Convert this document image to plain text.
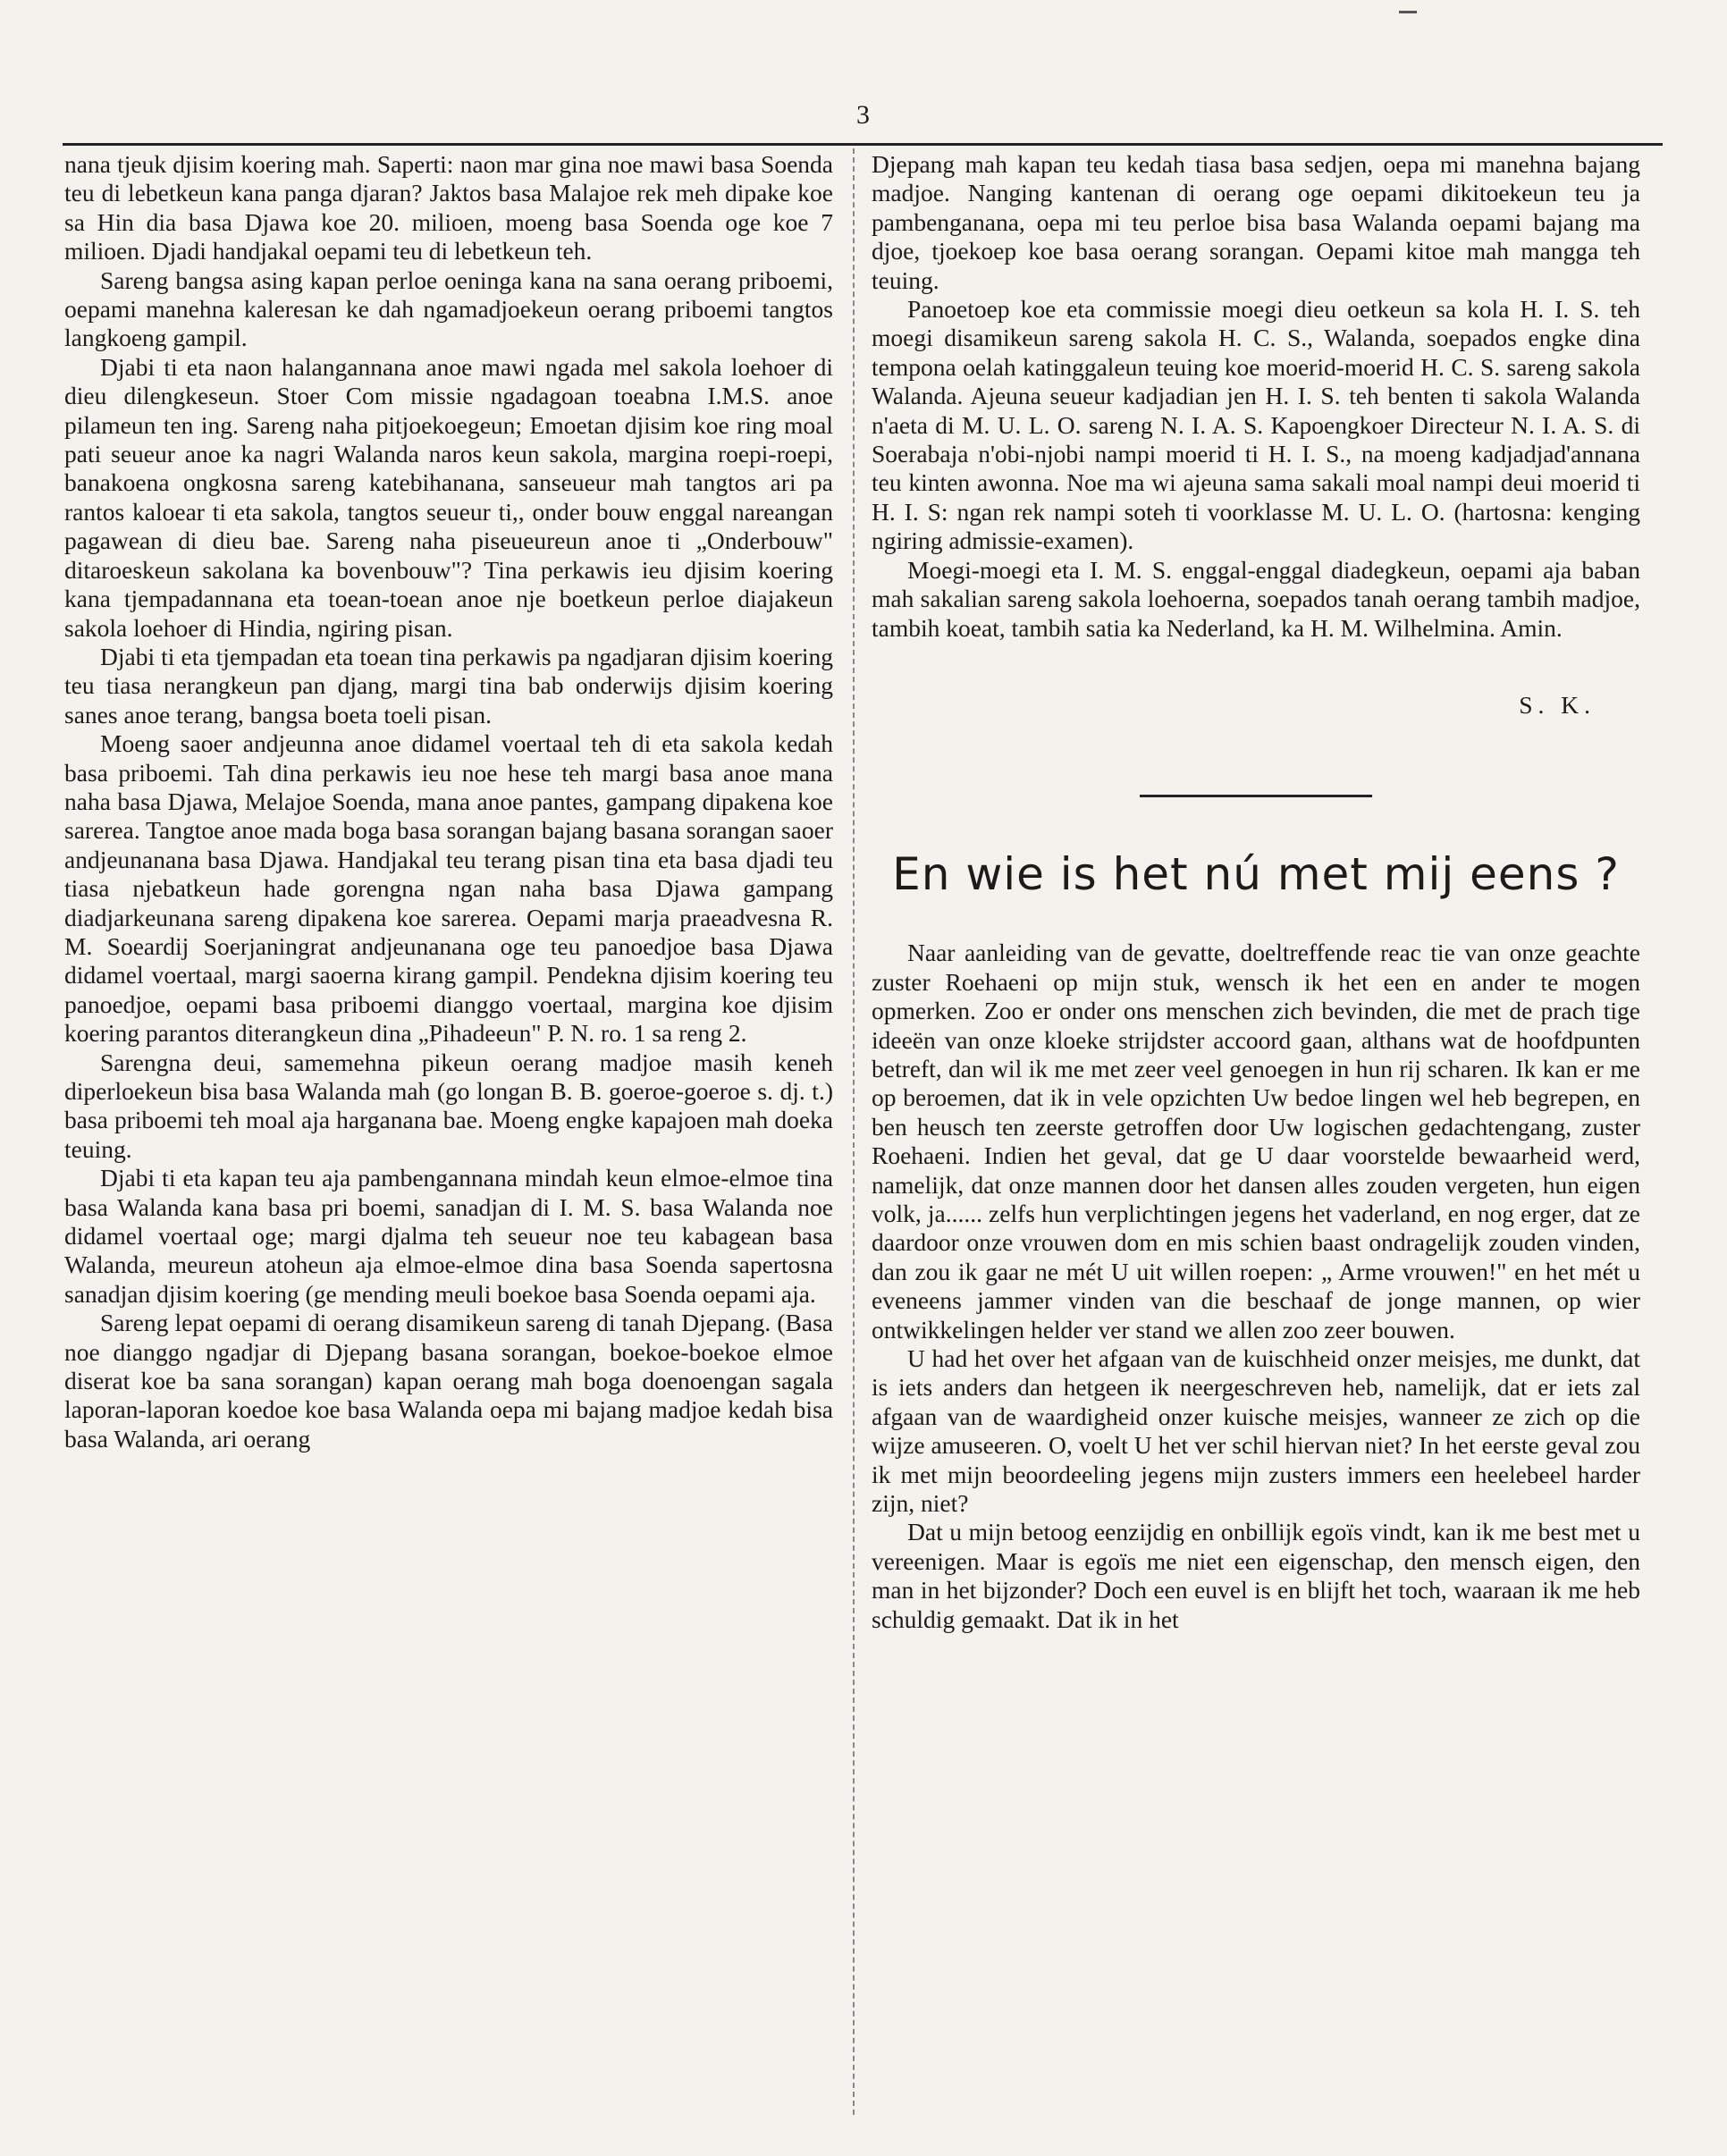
3

nana tjeuk djisim koering mah. Saperti: naon mar gina noe mawi basa Soenda teu di lebetkeun kana panga djaran? Jaktos basa Malajoe rek meh dipake koe sa Hin dia basa Djawa koe 20. milioen, moeng basa Soenda oge koe 7 milioen. Djadi handjakal oepami teu di lebetkeun teh.

Sareng bangsa asing kapan perloe oeninga kana na sana oerang priboemi, oepami manehna kaleresan ke dah ngamadjoekeun oerang priboemi tangtos langkoeng gampil.

Djabi ti eta naon halangannana anoe mawi ngada mel sakola loehoer di dieu dilengkeseun. Stoer Com missie ngadagoan toeabna I.M.S. anoe pilameun ten ing. Sareng naha pitjoekoegeun; Emoetan djisim koe ring moal pati seueur anoe ka nagri Walanda naros keun sakola, margina roepi-roepi, banakoena ongkosna sareng katebihanana, sanseueur mah tangtos ari pa rantos kaloear ti eta sakola, tangtos seueur ti,, onder bouw enggal nareangan pagawean di dieu bae. Sareng naha piseueureun anoe ti „Onderbouw" ditaroeskeun sakolana ka bovenbouw"? Tina perkawis ieu djisim koering kana tjempadannana eta toean-toean anoe nje boetkeun perloe diajakeun sakola loehoer di Hindia, ngiring pisan.

Djabi ti eta tjempadan eta toean tina perkawis pa ngadjaran djisim koering teu tiasa nerangkeun pan djang, margi tina bab onderwijs djisim koering sanes anoe terang, bangsa boeta toeli pisan.

Moeng saoer andjeunna anoe didamel voertaal teh di eta sakola kedah basa priboemi. Tah dina perkawis ieu noe hese teh margi basa anoe mana naha basa Djawa, Melajoe Soenda, mana anoe pantes, gampang dipakena koe sarerea. Tangtoe anoe mada boga basa sorangan bajang basana sorangan saoer andjeunanana basa Djawa. Handjakal teu terang pisan tina eta basa djadi teu tiasa njebatkeun hade gorengna ngan naha basa Djawa gampang diadjarkeunana sareng dipakena koe sarerea. Oepami marja praeadvesna R. M. Soeardij Soerjaningrat andjeunanana oge teu panoedjoe basa Djawa didamel voertaal, margi saoerna kirang gampil. Pendekna djisim koering teu panoedjoe, oepami basa priboemi dianggo voertaal, margina koe djisim koering parantos diterangkeun dina „Pihadeeun" P. N. ro. 1 sa reng 2.

Sarengna deui, samemehna pikeun oerang madjoe masih keneh diperloekeun bisa basa Walanda mah (go longan B. B. goeroe-goeroe s. dj. t.) basa priboemi teh moal aja harganana bae. Moeng engke kapajoen mah doeka teuing.

Djabi ti eta kapan teu aja pambengannana mindah keun elmoe-elmoe tina basa Walanda kana basa pri boemi, sanadjan di I. M. S. basa Walanda noe didamel voertaal oge; margi djalma teh seueur noe teu kabagean basa Walanda, meureun atoheun aja elmoe-elmoe dina basa Soenda sapertosna sanadjan djisim koering (ge mending meuli boekoe basa Soenda oepami aja.

Sareng lepat oepami di oerang disamikeun sareng di tanah Djepang. (Basa noe dianggo ngadjar di Djepang basana sorangan, boekoe-boekoe elmoe diserat koe ba sana sorangan) kapan oerang mah boga doenoengan sagala laporan-laporan koedoe koe basa Walanda oepa mi bajang madjoe kedah bisa basa Walanda, ari oerang

Djepang mah kapan teu kedah tiasa basa sedjen, oepa mi manehna bajang madjoe. Nanging kantenan di oerang oge oepami dikitoekeun teu ja pambenganana, oepa mi teu perloe bisa basa Walanda oepami bajang ma djoe, tjoekoep koe basa oerang sorangan. Oepami kitoe mah mangga teh teuing.

Panoetoep koe eta commissie moegi dieu oetkeun sa kola H. I. S. teh moegi disamikeun sareng sakola H. C. S., Walanda, soepados engke dina tempona oelah katinggaleun teuing koe moerid-moerid H. C. S. sareng sakola Walanda. Ajeuna seueur kadjadian jen H. I. S. teh benten ti sakola Walanda n'aeta di M. U. L. O. sareng N. I. A. S. Kapoengkoer Directeur N. I. A. S. di Soerabaja n'obi-njobi nampi moerid ti H. I. S., na moeng kadjadjad'annana teu kinten awonna. Noe ma wi ajeuna sama sakali moal nampi deui moerid ti H. I. S: ngan rek nampi soteh ti voorklasse M. U. L. O. (hartosna: kenging ngiring admissie-examen).

Moegi-moegi eta I. M. S. enggal-enggal diadegkeun, oepami aja baban mah sakalian sareng sakola loehoerna, soepados tanah oerang tambih madjoe, tambih koeat, tambih satia ka Nederland, ka H. M. Wilhelmina. Amin.

S. K.

En wie is het nú met mij eens ?

Naar aanleiding van de gevatte, doeltreffende reac tie van onze geachte zuster Roehaeni op mijn stuk, wensch ik het een en ander te mogen opmerken. Zoo er onder ons menschen zich bevinden, die met de prach tige ideeën van onze kloeke strijdster accoord gaan, althans wat de hoofdpunten betreft, dan wil ik me met zeer veel genoegen in hun rij scharen. Ik kan er me op beroemen, dat ik in vele opzichten Uw bedoe lingen wel heb begrepen, en ben heusch ten zeerste getroffen door Uw logischen gedachtengang, zuster Roehaeni. Indien het geval, dat ge U daar voorstelde bewaarheid werd, namelijk, dat onze mannen door het dansen alles zouden vergeten, hun eigen volk, ja...... zelfs hun verplichtingen jegens het vaderland, en nog erger, dat ze daardoor onze vrouwen dom en mis schien baast ondragelijk zouden vinden, dan zou ik gaar ne mét U uit willen roepen: „ Arme vrouwen!" en het mét u eveneens jammer vinden van die beschaaf de jonge mannen, op wier ontwikkelingen helder ver stand we allen zoo zeer bouwen.

U had het over het afgaan van de kuischheid onzer meisjes, me dunkt, dat is iets anders dan hetgeen ik neergeschreven heb, namelijk, dat er iets zal afgaan van de waardigheid onzer kuische meisjes, wanneer ze zich op die wijze amuseeren. O, voelt U het ver schil hiervan niet? In het eerste geval zou ik met mijn beoordeeling jegens mijn zusters immers een heelebeel harder zijn, niet?

Dat u mijn betoog eenzijdig en onbillijk egoïs vindt, kan ik me best met u vereenigen. Maar is egoïs me niet een eigenschap, den mensch eigen, den man in het bijzonder? Doch een euvel is en blijft het toch, waaraan ik me heb schuldig gemaakt. Dat ik in het
